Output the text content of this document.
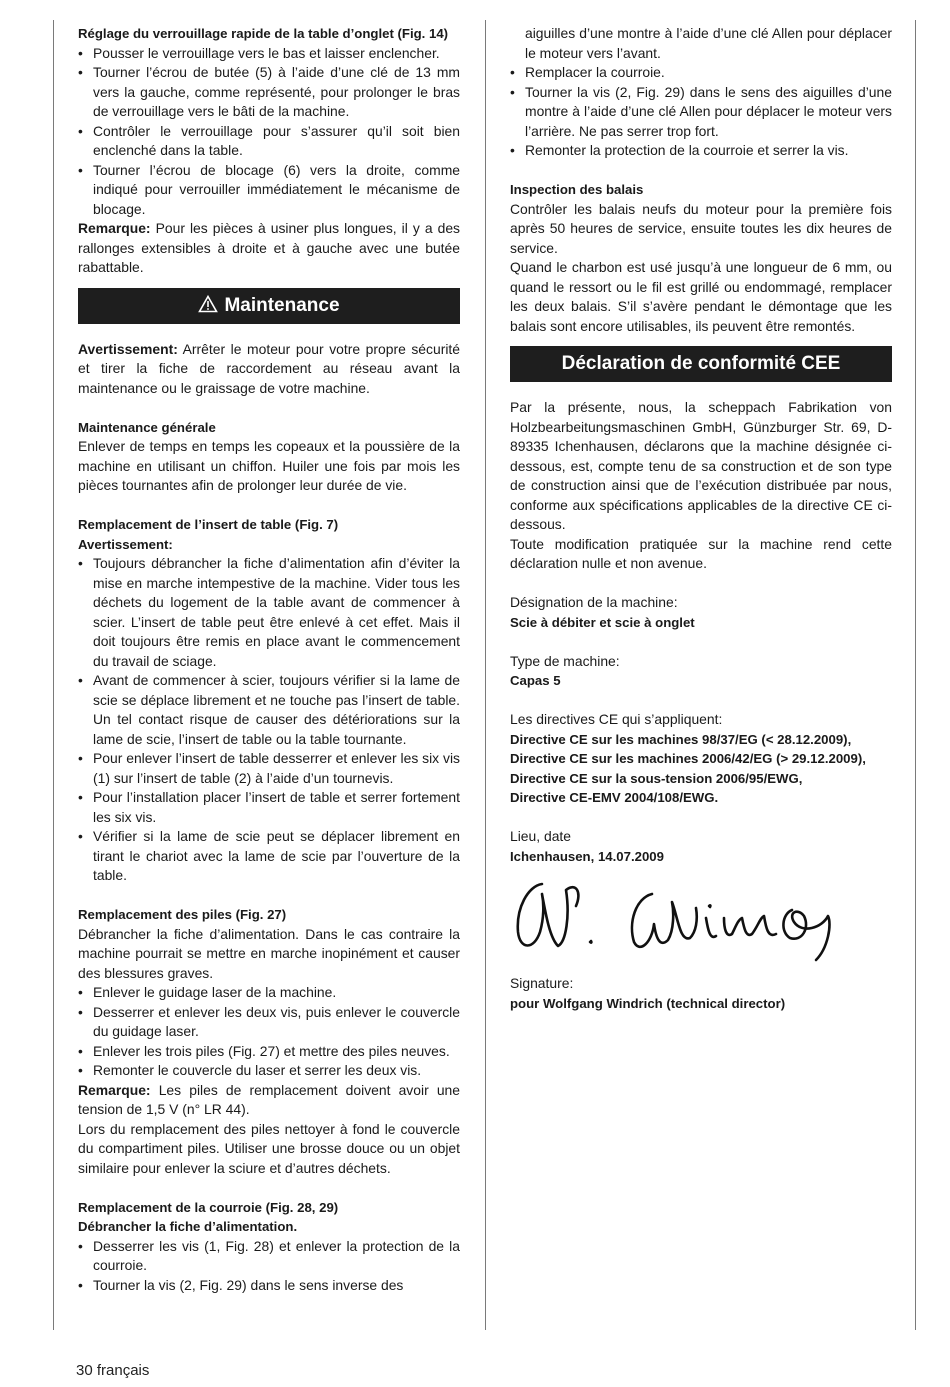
Réglage du verrouillage rapide de la table d’onglet (Fig. 14)

• Pousser le verrouillage vers le bas et laisser enclencher.

• Tourner l’écrou de butée (5) à l’aide d’une clé de 13 mm vers la gauche, comme représenté, pour prolonger le bras de verrouillage vers le bâti de la machine.

• Contrôler le verrouillage pour s’assurer qu’il soit bien enclenché dans la table.

• Tourner l’écrou de blocage (6) vers la droite, comme indiqué pour verrouiller immédiatement le mécanisme de blocage.

Remarque: Pour les pièces à usiner plus longues, il y a des rallonges extensibles à droite et à gauche avec une butée rabattable.

Maintenance

Avertissement: Arrêter le moteur pour votre propre sécurité et tirer la fiche de raccordement au réseau avant la maintenance ou le graissage de votre machine.

Maintenance générale

Enlever de temps en temps les copeaux et la poussière de la machine en utilisant un chiffon. Huiler une fois par mois les pièces tournantes afin de prolonger leur durée de vie.

Remplacement de l’insert de table (Fig. 7)

Avertissement:

• Toujours débrancher la fiche d’alimentation afin d’éviter la mise en marche intempestive de la machine. Vider tous les déchets du logement de la table avant de commencer à scier. L’insert de table peut être enlevé à cet effet. Mais il doit toujours être remis en place avant le commencement du travail de sciage.

• Avant de commencer à scier, toujours vérifier si la lame de scie se déplace librement et ne touche pas l’insert de table. Un tel contact risque de causer des détériorations sur la lame de scie, l’insert de table ou la table tournante.

• Pour enlever l’insert de table desserrer et enlever les six vis (1) sur l’insert de table (2) à l’aide d’un tournevis.

• Pour l’installation placer l’insert de table et serrer fortement les six vis.

• Vérifier si la lame de scie peut se déplacer librement en tirant le chariot avec la lame de scie par l’ouverture de la table.

Remplacement des piles (Fig. 27)

Débrancher la fiche d’alimentation. Dans le cas contraire la machine pourrait se mettre en marche inopinément et causer des blessures graves.

• Enlever le guidage laser de la machine.

• Desserrer et enlever les deux vis, puis enlever le couvercle du guidage laser.

• Enlever les trois piles (Fig. 27) et mettre des piles neuves.

• Remonter le couvercle du laser et serrer les deux vis.

Remarque: Les piles de remplacement doivent avoir une tension de 1,5 V (n° LR 44).

Lors du remplacement des piles nettoyer à fond le couvercle du compartiment piles. Utiliser une brosse douce ou un objet similaire pour enlever la sciure et d’autres déchets.

Remplacement de la courroie (Fig. 28, 29)

Débrancher la fiche d’alimentation.

• Desserrer les vis (1, Fig. 28) et enlever la protection de la courroie.

• Tourner la vis (2, Fig. 29) dans le sens inverse des

aiguilles d’une montre à l’aide d’une clé Allen pour déplacer le moteur vers l’avant.

• Remplacer la courroie.

• Tourner la vis (2, Fig. 29) dans le sens des aiguilles d’une montre à l’aide d’une clé Allen pour déplacer le moteur vers l’arrière. Ne pas serrer trop fort.

• Remonter la protection de la courroie et serrer la vis.

Inspection des balais

Contrôler les balais neufs du moteur pour la première fois après 50 heures de service, ensuite toutes les dix heures de service.

Quand le charbon est usé jusqu’à une longueur de 6 mm, ou quand le ressort ou le fil est grillé ou endommagé, remplacer les deux balais. S’il s’avère pendant le démontage que les balais sont encore utilisables, ils peuvent être remontés.

Déclaration de conformité CEE

Par la présente, nous, la scheppach Fabrikation von Holzbearbeitungsmaschinen GmbH, Günzburger Str. 69, D-89335 Ichenhausen, déclarons que la machine désignée ci-dessous, est, compte tenu de sa construction et de son type de construction ainsi que de l’exécution distribuée par nous, conforme aux spécifications applicables de la directive CE ci-dessous.

Toute modification pratiquée sur la machine rend cette déclaration nulle et non avenue.

Désignation de la machine:

Scie à débiter et scie à onglet

Type de machine:

Capas 5

Les directives CE qui s’appliquent:

Directive CE sur les machines 98/37/EG (< 28.12.2009),

Directive CE sur les machines 2006/42/EG (> 29.12.2009),

Directive CE sur la sous-tension 2006/95/EWG,

Directive CE-EMV 2004/108/EWG.

Lieu, date

Ichenhausen, 14.07.2009

Signature:

pour Wolfgang Windrich (technical director)

30 français
